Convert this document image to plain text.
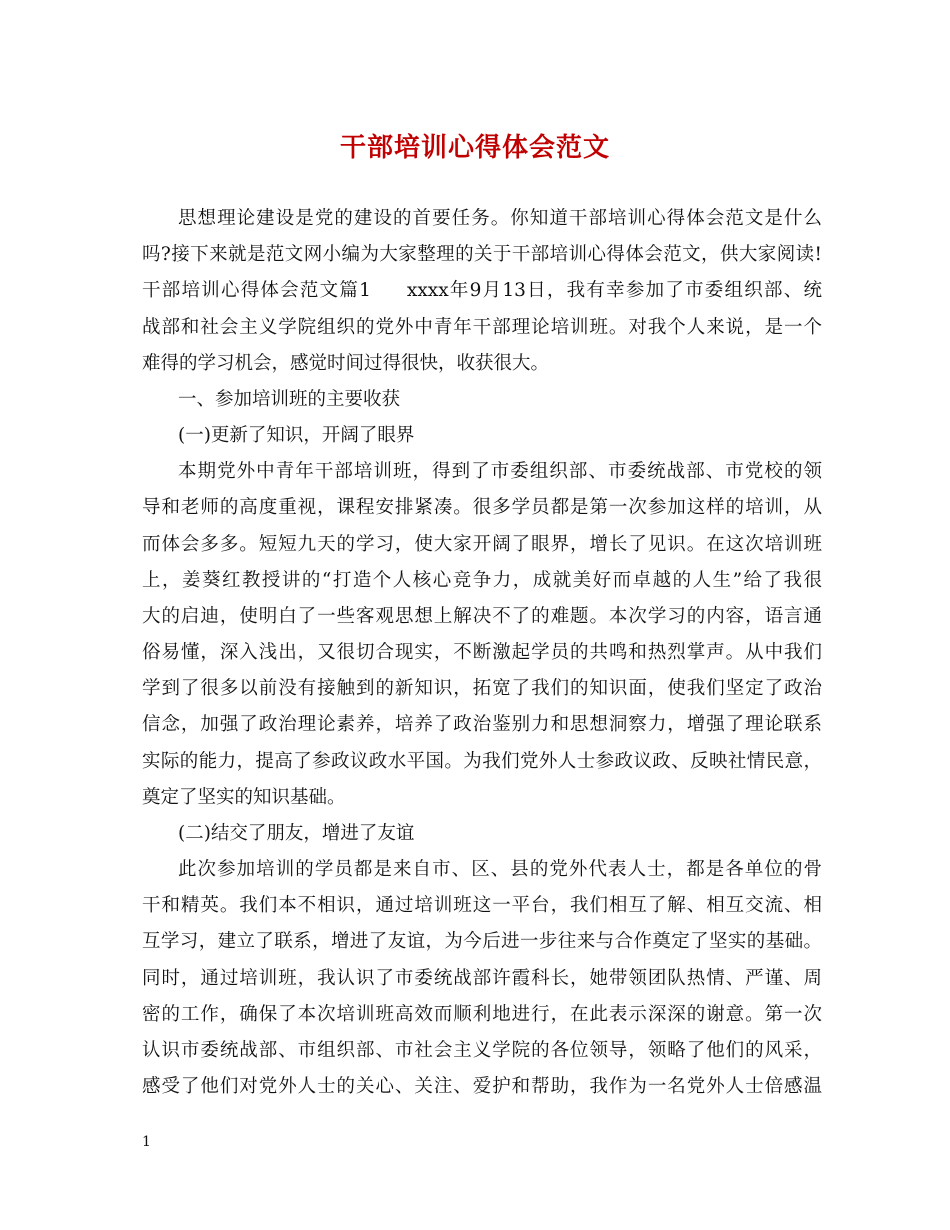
干部培训心得体会范文
思想理论建设是党的建设的首要任务。你知道干部培训心得体会范文是什么
吗?接下来就是范文网小编为大家整理的关于干部培训心得体会范文，供大家阅读!
干部培训心得体会范文篇1 xxxx年9月13日，我有幸参加了市委组织部、统
战部和社会主义学院组织的党外中青年干部理论培训班。对我个人来说，是一个
难得的学习机会，感觉时间过得很快，收获很大。
一、参加培训班的主要收获
(一)更新了知识，开阔了眼界
本期党外中青年干部培训班，得到了市委组织部、市委统战部、市党校的领
导和老师的高度重视，课程安排紧凑。很多学员都是第一次参加这样的培训，从
而体会多多。短短九天的学习，使大家开阔了眼界，增长了见识。在这次培训班
上，姜葵红教授讲的“打造个人核心竞争力，成就美好而卓越的人生”给了我很
大的启迪，使明白了一些客观思想上解决不了的难题。本次学习的内容，语言通
俗易懂，深入浅出，又很切合现实，不断激起学员的共鸣和热烈掌声。从中我们
学到了很多以前没有接触到的新知识，拓宽了我们的知识面，使我们坚定了政治
信念，加强了政治理论素养，培养了政治鉴别力和思想洞察力，增强了理论联系
实际的能力，提高了参政议政水平国。为我们党外人士参政议政、反映社情民意，
奠定了坚实的知识基础。
(二)结交了朋友，增进了友谊
此次参加培训的学员都是来自市、区、县的党外代表人士，都是各单位的骨
干和精英。我们本不相识，通过培训班这一平台，我们相互了解、相互交流、相
互学习，建立了联系，增进了友谊，为今后进一步往来与合作奠定了坚实的基础。
同时，通过培训班，我认识了市委统战部许霞科长，她带领团队热情、严谨、周
密的工作，确保了本次培训班高效而顺利地进行，在此表示深深的谢意。第一次
认识市委统战部、市组织部、市社会主义学院的各位领导，领略了他们的风采，
感受了他们对党外人士的关心、关注、爱护和帮助，我作为一名党外人士倍感温
1
